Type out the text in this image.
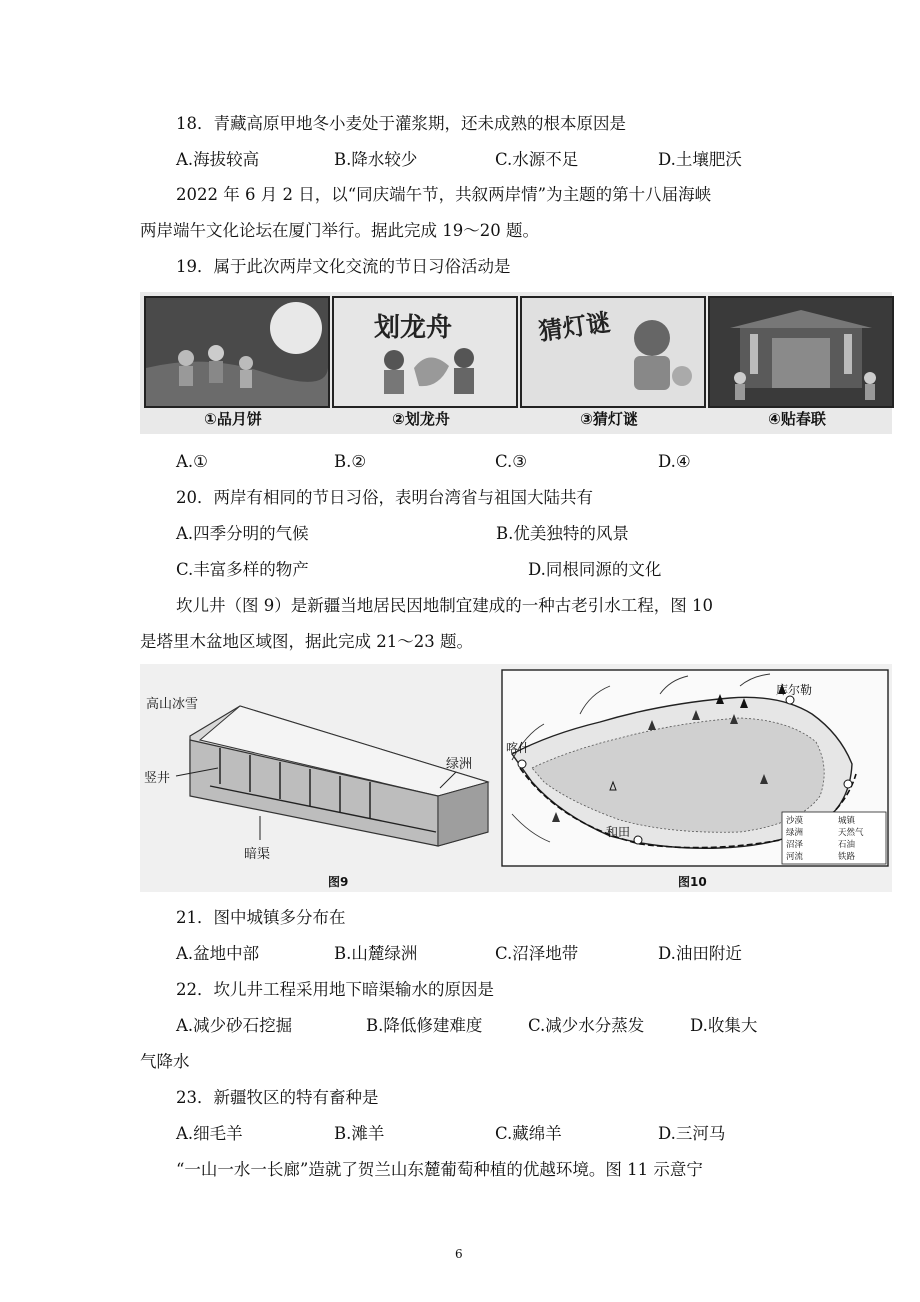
18．青藏高原甲地冬小麦处于灌浆期，还未成熟的根本原因是
A.海拔较高	B.降水较少	C.水源不足	D.土壤肥沃
2022 年 6 月 2 日，以“同庆端午节，共叙两岸情”为主题的第十八届海峡
两岸端午文化论坛在厦门举行。据此完成 19～20 题。
19．属于此次两岸文化交流的节日习俗活动是
划龙舟	猜灯谜
①品月饼	②划龙舟	③猜灯谜	④贴春联
A.①	B.②	C.③	D.④
20．两岸有相同的节日习俗，表明台湾省与祖国大陆共有
A.四季分明的气候	B.优美独特的风景
C.丰富多样的物产	D.同根同源的文化
坎儿井（图 9）是新疆当地居民因地制宜建成的一种古老引水工程，图 10
是塔里木盆地区域图，据此完成 21～23 题。
高山冰雪
竖井
绿洲
暗渠
图9
库尔勒
喀什
和田
沙漠	城镇
绿洲	天然气
沼泽	石油
河流	铁路
图10
21．图中城镇多分布在
A.盆地中部	B.山麓绿洲	C.沼泽地带	D.油田附近
22．坎儿井工程采用地下暗渠输水的原因是
A.减少砂石挖掘	B.降低修建难度	C.减少水分蒸发	D.收集大
气降水
23．新疆牧区的特有畜种是
A.细毛羊	B.滩羊	C.藏绵羊	D.三河马
“一山一水一长廊”造就了贺兰山东麓葡萄种植的优越环境。图 11 示意宁
6
